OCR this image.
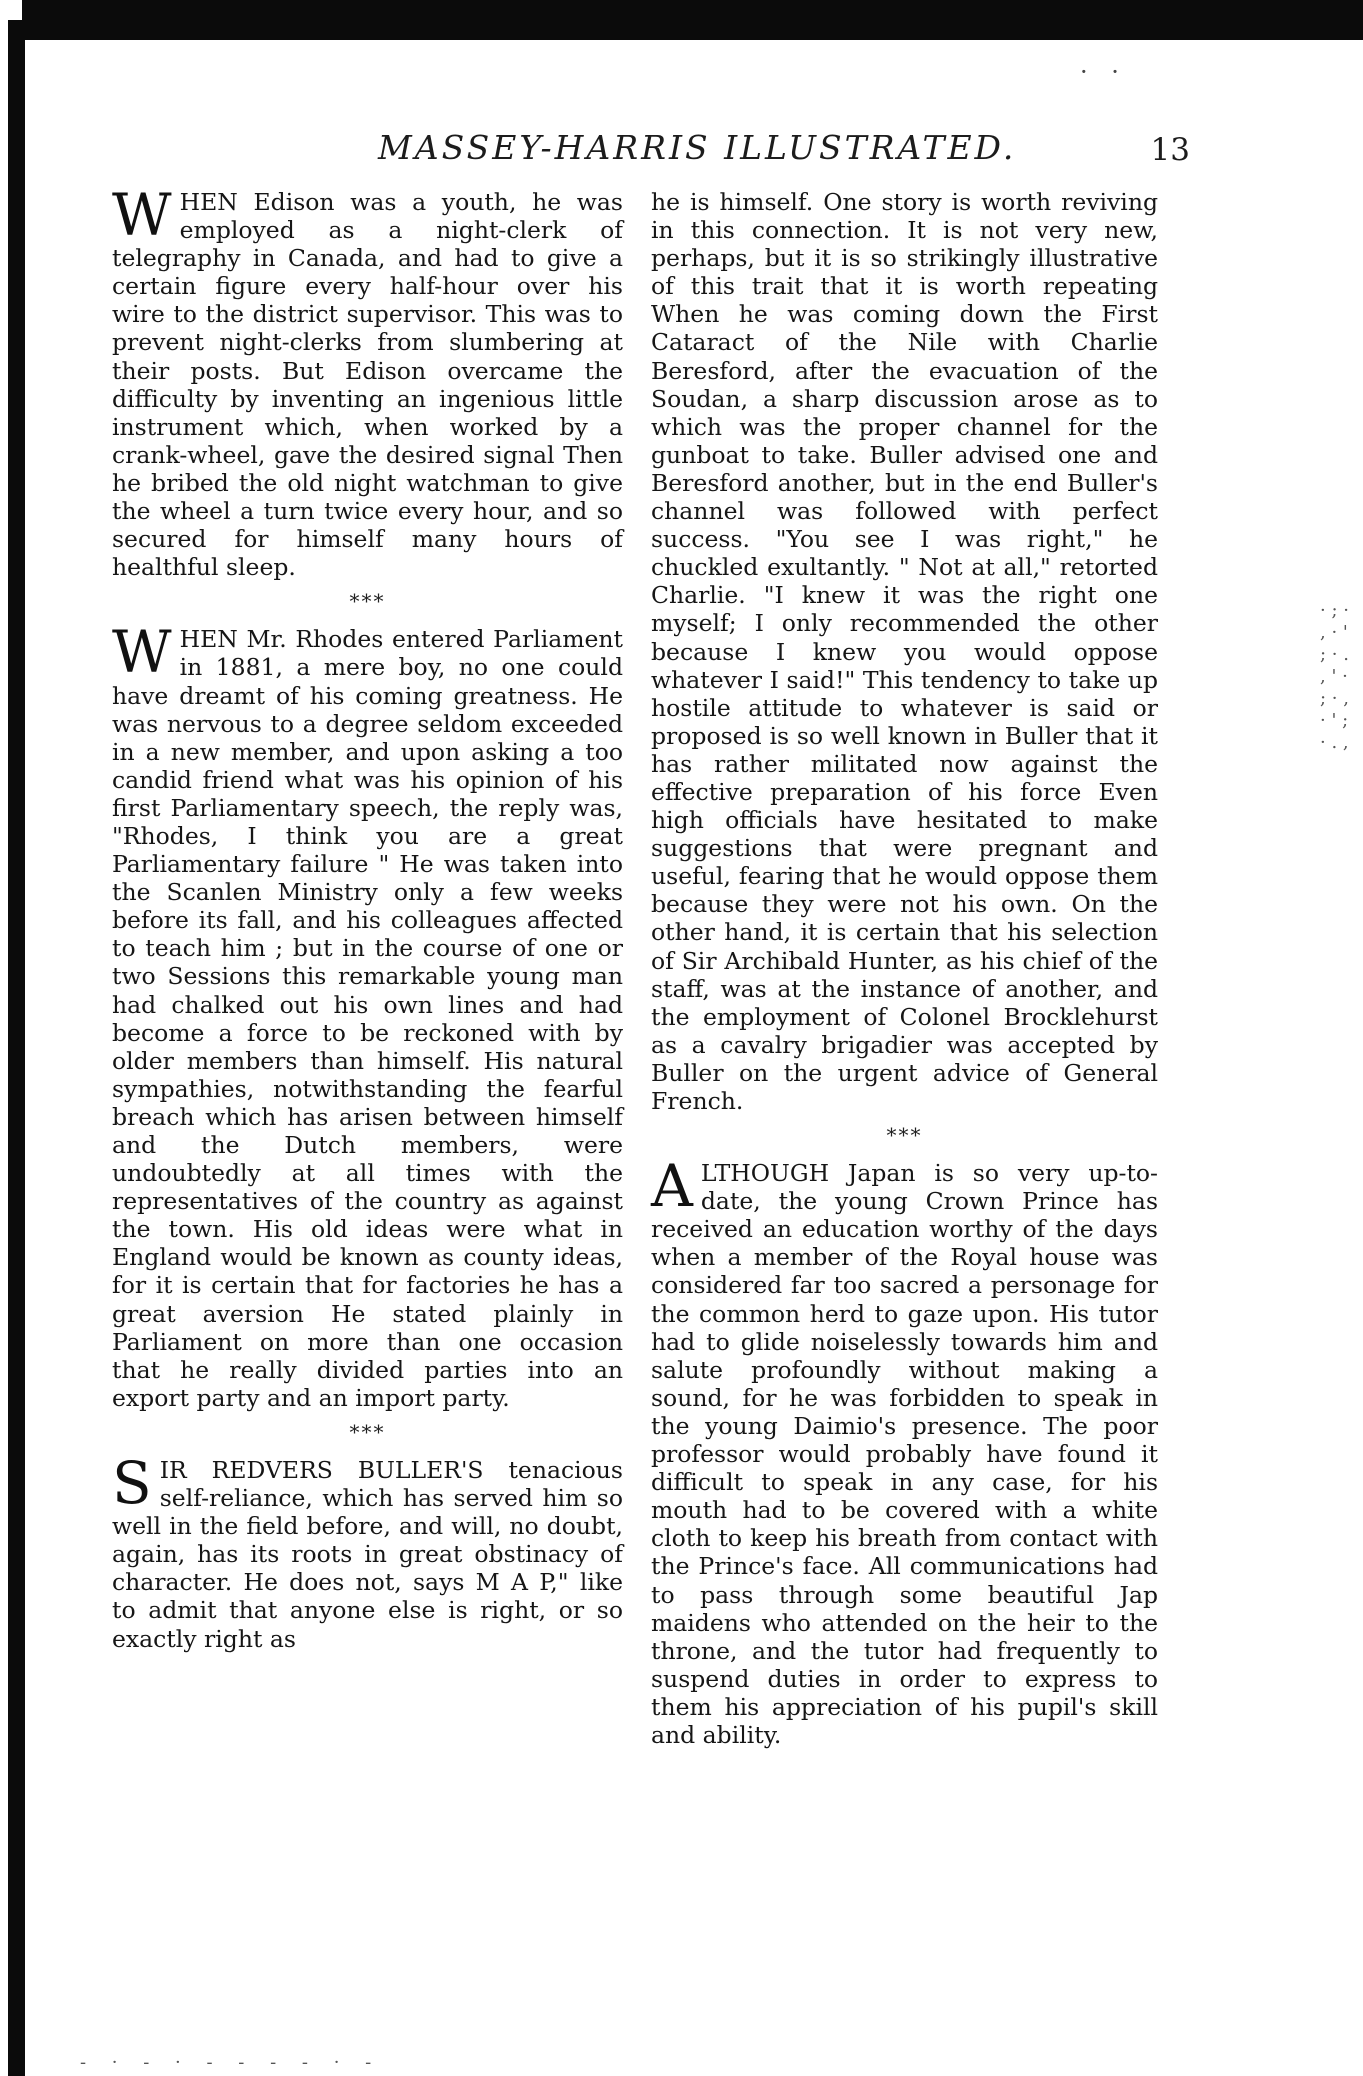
· ·
MASSEY-HARRIS ILLUSTRATED.	13

WHEN Edison was a youth, he was employed as a night-clerk of telegraphy in Canada, and had to give a certain figure every half-hour over his wire to the district supervisor. This was to prevent night-clerks from slumbering at their posts. But Edison overcame the difficulty by inventing an ingenious little instrument which, when worked by a crank-wheel, gave the desired signal Then he bribed the old night watchman to give the wheel a turn twice every hour, and so secured for himself many hours of healthful sleep.

***

WHEN Mr. Rhodes entered Parliament in 1881, a mere boy, no one could have dreamt of his coming greatness. He was nervous to a degree seldom exceeded in a new member, and upon asking a too candid friend what was his opinion of his first Parliamentary speech, the reply was, "Rhodes, I think you are a great Parliamentary failure " He was taken into the Scanlen Ministry only a few weeks before its fall, and his colleagues affected to teach him ; but in the course of one or two Sessions this remarkable young man had chalked out his own lines and had become a force to be reckoned with by older members than himself. His natural sympathies, notwithstanding the fearful breach which has arisen between himself and the Dutch members, were undoubtedly at all times with the representatives of the country as against the town. His old ideas were what in England would be known as county ideas, for it is certain that for factories he has a great aversion He stated plainly in Parliament on more than one occasion that he really divided parties into an export party and an import party.

***

SIR REDVERS BULLER'S tenacious self-reliance, which has served him so well in the field before, and will, no doubt, again, has its roots in great obstinacy of character. He does not, says M A P," like to admit that anyone else is right, or so exactly right as

he is himself. One story is worth reviving in this connection. It is not very new, perhaps, but it is so strikingly illustrative of this trait that it is worth repeating When he was coming down the First Cataract of the Nile with Charlie Beresford, after the evacuation of the Soudan, a sharp discussion arose as to which was the proper channel for the gunboat to take. Buller advised one and Beresford another, but in the end Buller's channel was followed with perfect success. "You see I was right," he chuckled exultantly. " Not at all," retorted Charlie. "I knew it was the right one myself; I only recommended the other because I knew you would oppose whatever I said!" This tendency to take up hostile attitude to whatever is said or proposed is so well known in Buller that it has rather militated now against the effective preparation of his force Even high officials have hesitated to make suggestions that were pregnant and useful, fearing that he would oppose them because they were not his own. On the other hand, it is certain that his selection of Sir Archibald Hunter, as his chief of the staff, was at the instance of another, and the employment of Colonel Brocklehurst as a cavalry brigadier was accepted by Buller on the urgent advice of General French.

***

ALTHOUGH Japan is so very up-to-date, the young Crown Prince has received an education worthy of the days when a member of the Royal house was considered far too sacred a personage for the common herd to gaze upon. His tutor had to glide noiselessly towards him and salute profoundly without making a sound, for he was forbidden to speak in the young Daimio's presence. The poor professor would probably have found it difficult to speak in any case, for his mouth had to be covered with a white cloth to keep his breath from contact with the Prince's face. All communications had to pass through some beautiful Jap maidens who attended on the heir to the throne, and the tutor had frequently to suspend duties in order to express to them his appreciation of his pupil's skill and ability.

· ; · , · ' ; · . , ' · ; · , · ' ; · . ,
- · - · - - - - · -
